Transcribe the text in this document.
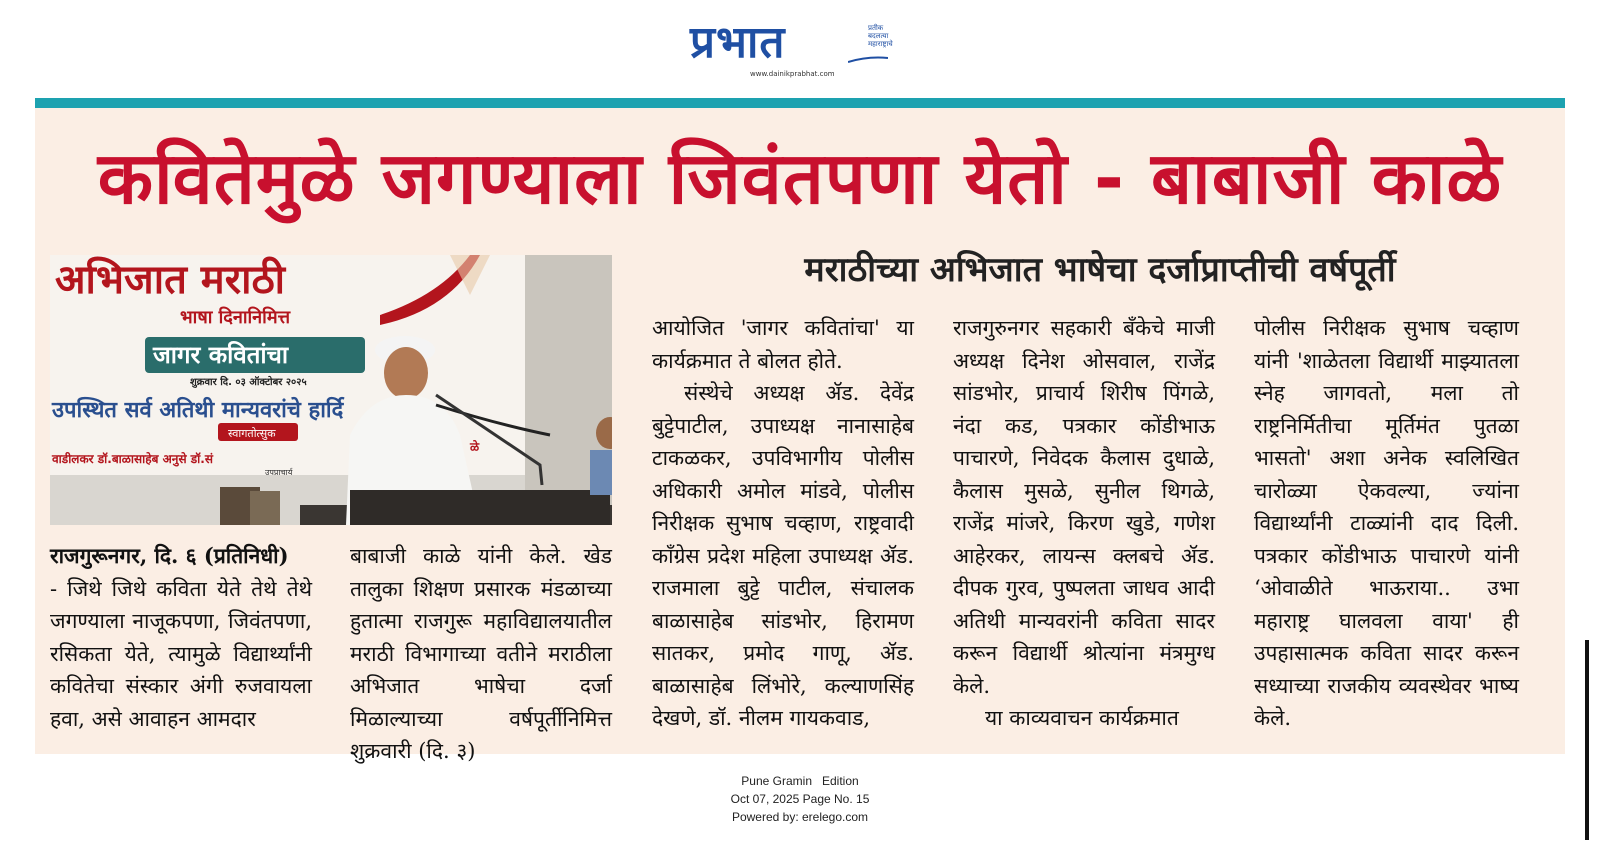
प्रभात	प्रतीक
बदलत्या
महाराष्ट्राचे
www.dainikprabhat.com
कवितेमुळे जगण्याला जिवंतपणा येतो - बाबाजी काळे
मराठीच्या अभिजात भाषेचा दर्जाप्राप्तीची वर्षपूर्ती
अभिजात मराठी
भाषा दिनानिमित्त
जागर कवितांचा
शुक्रवार दि. ०३ ऑक्टोबर २०२५
उपस्थित सर्व अतिथी मान्यवरांचे हार्दि
स्वागतोत्सुक
वाडीलकर डॉ.बाळासाहेब अनुसे डॉ.सं
उपप्राचार्य
ळे

राजगुरूनगर, दि. ६ (प्रतिनिधी)
- जिथे जिथे कविता येते तेथे तेथे जगण्याला नाजूकपणा, जिवंतपणा, रसिकता येते, त्यामुळे विद्यार्थ्यांनी कवितेचा संस्कार अंगी रुजवायला हवा, असे आवाहन आमदार

बाबाजी काळे यांनी केले. खेड तालुका शिक्षण प्रसारक मंडळाच्या हुतात्मा राजगुरू महाविद्यालयातील मराठी विभागाच्या वतीने मराठीला अभिजात भाषेचा दर्जा मिळाल्याच्या वर्षपूर्तीनिमित्त शुक्रवारी (दि. ३)

आयोजित 'जागर कवितांचा' या कार्यक्रमात ते बोलत होते.

संस्थेचे अध्यक्ष ॲड. देवेंद्र बुट्टेपाटील, उपाध्यक्ष नानासाहेब टाकळकर, उपविभागीय पोलीस अधिकारी अमोल मांडवे, पोलीस निरीक्षक सुभाष चव्हाण, राष्ट्रवादी काँग्रेस प्रदेश महिला उपाध्यक्ष ॲड. राजमाला बुट्टे पाटील, संचालक बाळासाहेब सांडभोर, हिरामण सातकर, प्रमोद गाणू, ॲड. बाळासाहेब लिंभोरे, कल्याणसिंह देखणे, डॉ. नीलम गायकवाड,

राजगुरुनगर सहकारी बँकेचे माजी अध्यक्ष दिनेश ओसवाल, राजेंद्र सांडभोर, प्राचार्य शिरीष पिंगळे, नंदा कड, पत्रकार कोंडीभाऊ पाचारणे, निवेदक कैलास दुधाळे, कैलास मुसळे, सुनील थिगळे, राजेंद्र मांजरे, किरण खुडे, गणेश आहेरकर, लायन्स क्लबचे ॲड. दीपक गुरव, पुष्पलता जाधव आदी अतिथी मान्यवरांनी कविता सादर करून विद्यार्थी श्रोत्यांना मंत्रमुग्ध केले.

या काव्यवाचन कार्यक्रमात

पोलीस निरीक्षक सुभाष चव्हाण यांनी 'शाळेतला विद्यार्थी माझ्यातला स्नेह जागवतो, मला तो राष्ट्रनिर्मितीचा मूर्तिमंत पुतळा भासतो' अशा अनेक स्वलिखित चारोळ्या ऐकवल्या, ज्यांना विद्यार्थ्यांनी टाळ्यांनी दाद दिली. पत्रकार कोंडीभाऊ पाचारणे यांनी ‘ओवाळीते भाऊराया.. उभा महाराष्ट्र घालवला वाया' ही उपहासात्मक कविता सादर करून सध्याच्या राजकीय व्यवस्थेवर भाष्य केले.

Pune Gramin   Edition
Oct 07, 2025 Page No. 15
Powered by: erelego.com
